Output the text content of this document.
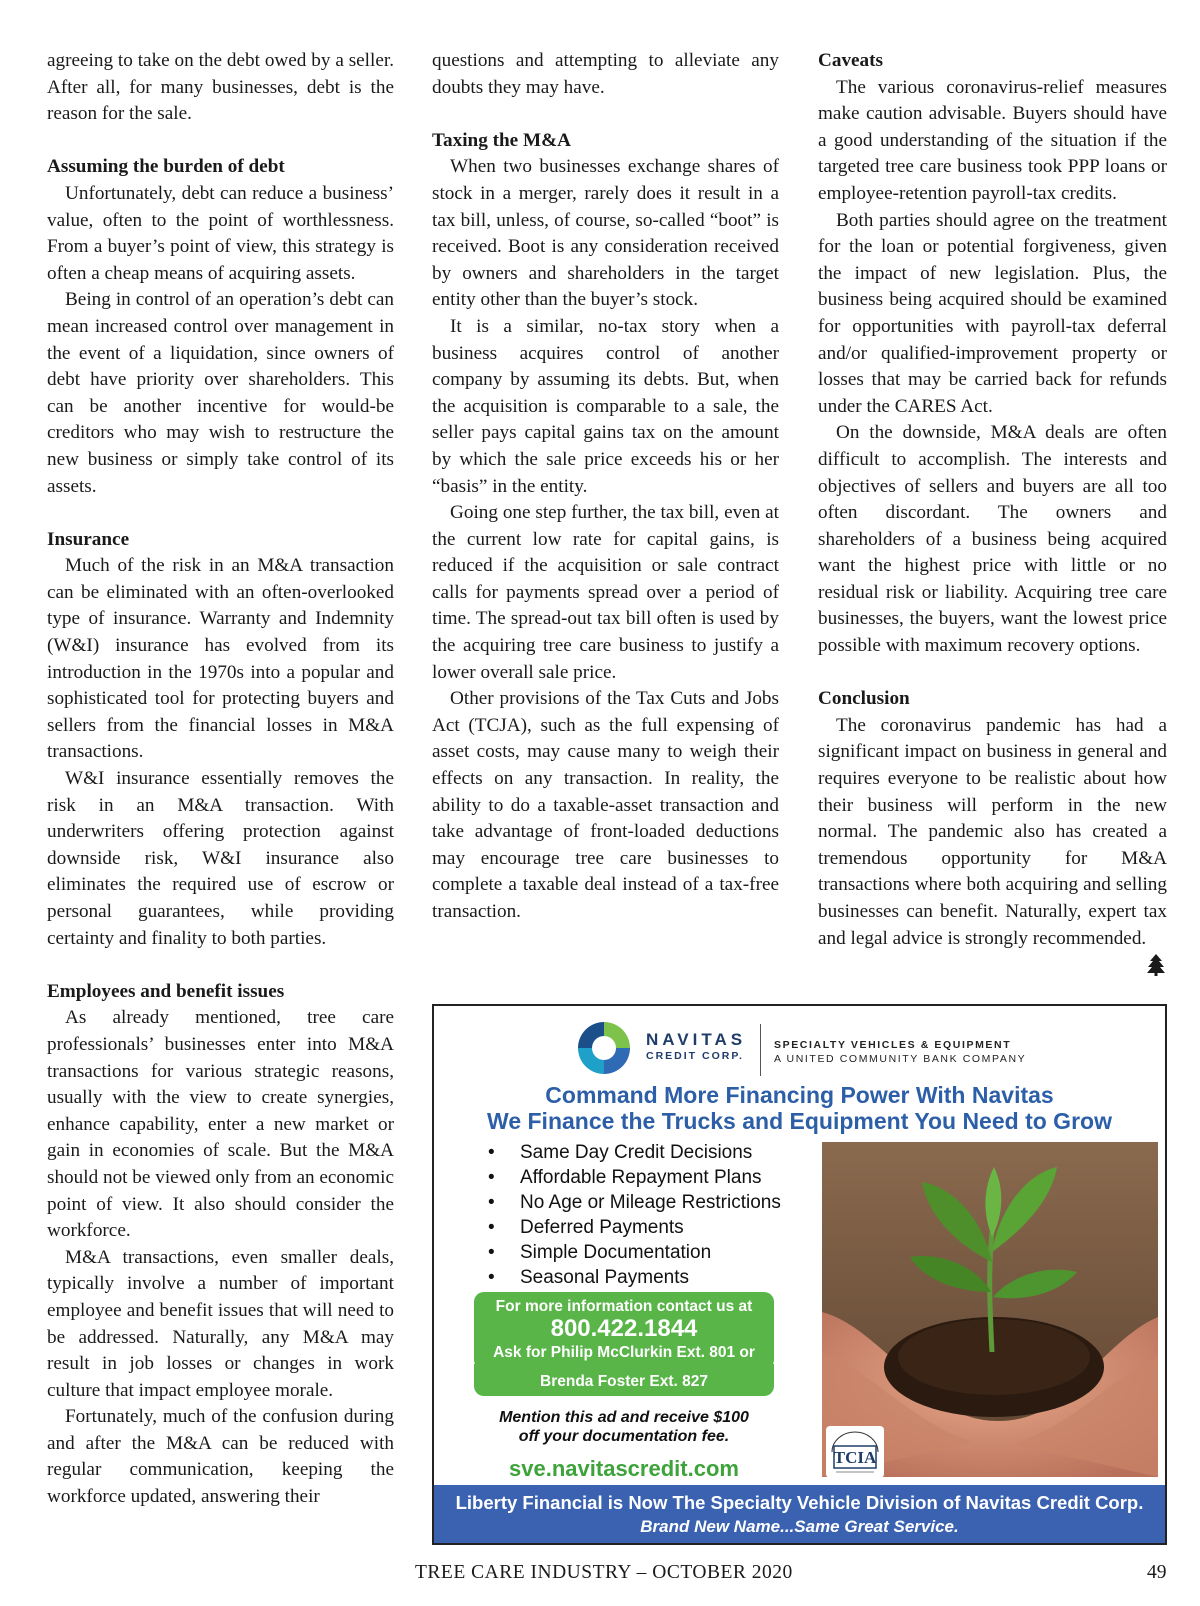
agreeing to take on the debt owed by a seller. After all, for many businesses, debt is the reason for the sale.

Assuming the burden of debt

Unfortunately, debt can reduce a business’ value, often to the point of worthlessness. From a buyer’s point of view, this strategy is often a cheap means of acquiring assets.

Being in control of an operation’s debt can mean increased control over management in the event of a liquidation, since owners of debt have priority over shareholders. This can be another incentive for would-be creditors who may wish to restructure the new business or simply take control of its assets.

Insurance

Much of the risk in an M&A transaction can be eliminated with an often-overlooked type of insurance. Warranty and Indemnity (W&I) insurance has evolved from its introduction in the 1970s into a popular and sophisticated tool for protecting buyers and sellers from the financial losses in M&A transactions.

W&I insurance essentially removes the risk in an M&A transaction. With underwriters offering protection against downside risk, W&I insurance also eliminates the required use of escrow or personal guarantees, while providing certainty and finality to both parties.

Employees and benefit issues

As already mentioned, tree care professionals’ businesses enter into M&A transactions for various strategic reasons, usually with the view to create synergies, enhance capability, enter a new market or gain in economies of scale. But the M&A should not be viewed only from an economic point of view. It also should consider the workforce.

M&A transactions, even smaller deals, typically involve a number of important employee and benefit issues that will need to be addressed. Naturally, any M&A may result in job losses or changes in work culture that impact employee morale.

Fortunately, much of the confusion during and after the M&A can be reduced with regular communication, keeping the workforce updated, answering their

questions and attempting to alleviate any doubts they may have.

Taxing the M&A

When two businesses exchange shares of stock in a merger, rarely does it result in a tax bill, unless, of course, so-called “boot” is received. Boot is any consideration received by owners and shareholders in the target entity other than the buyer’s stock.

It is a similar, no-tax story when a business acquires control of another company by assuming its debts. But, when the acquisition is comparable to a sale, the seller pays capital gains tax on the amount by which the sale price exceeds his or her “basis” in the entity.

Going one step further, the tax bill, even at the current low rate for capital gains, is reduced if the acquisition or sale contract calls for payments spread over a period of time. The spread-out tax bill often is used by the acquiring tree care business to justify a lower overall sale price.

Other provisions of the Tax Cuts and Jobs Act (TCJA), such as the full expensing of asset costs, may cause many to weigh their effects on any transaction. In reality, the ability to do a taxable-asset transaction and take advantage of front-loaded deductions may encourage tree care businesses to complete a taxable deal instead of a tax-free transaction.

Caveats

The various coronavirus-relief measures make caution advisable. Buyers should have a good understanding of the situation if the targeted tree care business took PPP loans or employee-retention payroll-tax credits.

Both parties should agree on the treatment for the loan or potential forgiveness, given the impact of new legislation. Plus, the business being acquired should be examined for opportunities with payroll-tax deferral and/or qualified-improvement property or losses that may be carried back for refunds under the CARES Act.

On the downside, M&A deals are often difficult to accomplish. The interests and objectives of sellers and buyers are all too often discordant. The owners and shareholders of a business being acquired want the highest price with little or no residual risk or liability. Acquiring tree care businesses, the buyers, want the lowest price possible with maximum recovery options.

Conclusion

The coronavirus pandemic has had a significant impact on business in general and requires everyone to be realistic about how their business will perform in the new normal. The pandemic also has created a tremendous opportunity for M&A transactions where both acquiring and selling businesses can benefit. Naturally, expert tax and legal advice is strongly recommended.

NAVITAS
CREDIT CORP.
SPECIALTY VEHICLES & EQUIPMENT
A UNITED COMMUNITY BANK COMPANY
Command More Financing Power With Navitas
We Finance the Trucks and Equipment You Need to Grow
• Same Day Credit Decisions
• Affordable Repayment Plans
• No Age or Mileage Restrictions
• Deferred Payments
• Simple Documentation
• Seasonal Payments
For more information contact us at
800.422.1844
Ask for Philip McClurkin Ext. 801 or
Brenda Foster Ext. 827
Mention this ad and receive $100
off your documentation fee.
TCIA
sve.navitascredit.com
Liberty Financial is Now The Specialty Vehicle Division of Navitas Credit Corp.
Brand New Name...Same Great Service.
TREE CARE INDUSTRY – OCTOBER 2020	49
